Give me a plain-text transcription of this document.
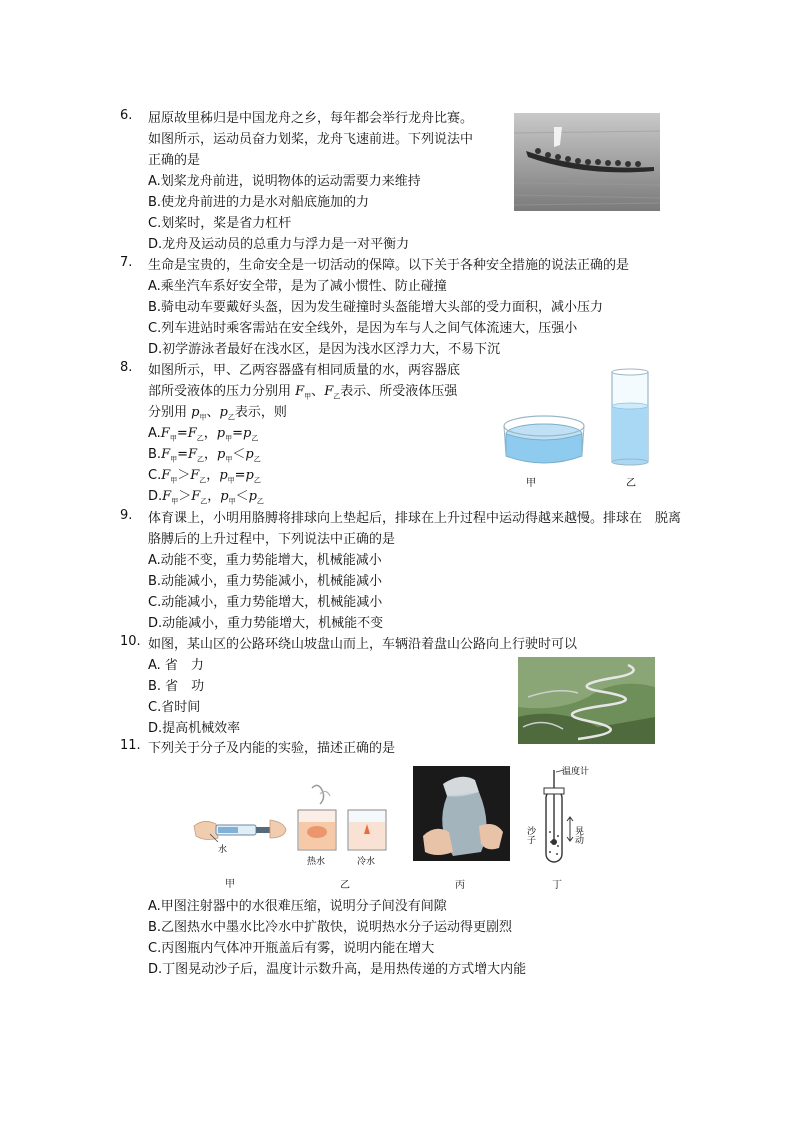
6.	屈原故里秭归是中国龙舟之乡，每年都会举行龙舟比赛。
如图所示，运动员奋力划桨，龙舟飞速前进。下列说法中
正确的是
A.划桨龙舟前进，说明物体的运动需要力来维持
B.使龙舟前进的力是水对船底施加的力
C.划桨时，桨是省力杠杆
D.龙舟及运动员的总重力与浮力是一对平衡力
7.	生命是宝贵的，生命安全是一切活动的保障。以下关于各种安全措施的说法正确的是
A.乘坐汽车系好安全带，是为了减小惯性、防止碰撞
B.骑电动车要戴好头盔，因为发生碰撞时头盔能增大头部的受力面积，减小压力
C.列车进站时乘客需站在安全线外，是因为车与人之间气体流速大，压强小
D.初学游泳者最好在浅水区，是因为浅水区浮力大，不易下沉
8.	如图所示，甲、乙两容器盛有相同质量的水，两容器底
部所受液体的压力分别用 $F_甲$、$F_乙$表示、所受液体压强
分别用 $p_甲$、$p_乙$表示，则
$A.F_甲=F_乙$，$p_甲=p_乙$
$B.F_甲=F_乙$，$p_甲<p_乙$
$C.F_甲>F_乙$，$p_甲=p_乙$
$D.F_甲>F_乙$，$p_甲<p_乙$
甲	乙
9.	体育课上，小明用胳膊将排球向上垫起后，排球在上升过程中运动得越来越慢。排球在　脱离
胳膊后的上升过程中，下列说法中正确的是
A.动能不变，重力势能增大，机械能减小
B.动能减小，重力势能减小，机械能减小
C.动能减小，重力势能增大，机械能减小
D.动能减小，重力势能增大，机械能不变
10. 如图，某山区的公路环绕山坡盘山而上，车辆沿着盘山公路向上行驶时可以
A. 省　力
B. 省　功
C.省时间
D.提高机械效率
11. 下列关于分子及内能的实验，描述正确的是
A.甲图注射器中的水很难压缩，说明分子间没有间隙
B.乙图热水中墨水比冷水中扩散快，说明热水分子运动得更剧烈
C.丙图瓶内气体冲开瓶盖后有雾，说明内能在增大
D.丁图晃动沙子后，温度计示数升高，是用热传递的方式增大内能
水
甲
热水	冷水
乙	丙
温度计
沙子	晃动
丁
